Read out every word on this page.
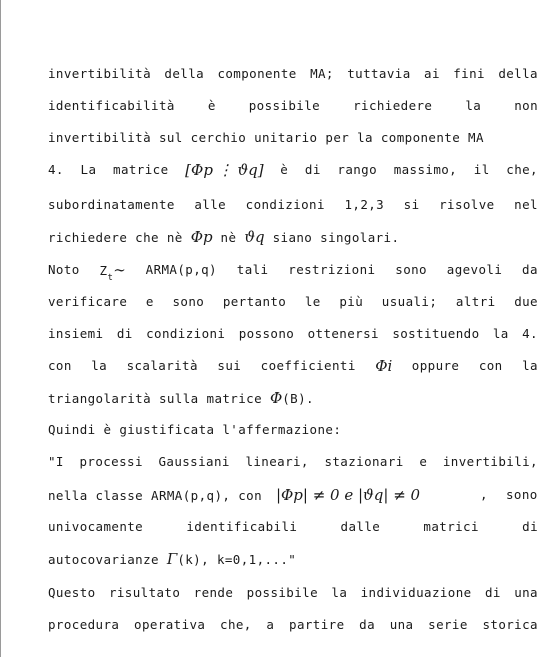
invertibilità della componente MA; tuttavia ai fini della
identificabilità	è	possibile	richiedere	la	non
invertibilità sul cerchio unitario per la componente MA
4. La matrice [Φp ⋮ ϑq] è di rango massimo, il che,
subordinatamente alle condizioni 1,2,3 si risolve nel
richiedere che nè Φp nè ϑq siano singolari.
Noto $Z_t\sim$ ARMA(p,q) tali restrizioni sono agevoli da
verificare e sono pertanto le più usuali; altri due
insiemi di condizioni possono ottenersi sostituendo la 4.
con la scalarità sui coefficienti Φi oppure con la
triangolarità sulla matrice Φ(B).
Quindi è giustificata l'affermazione:
"I processi Gaussiani lineari, stazionari e invertibili,
nella classe ARMA(p,q), con |Φp| ≠ 0 e |ϑq| ≠ 0	, sono
univocamente	identificabili	dalle	matrici	di
autocovarianze Γ(k), k=0,1,..."
Questo risultato rende possibile la individuazione di una
procedura operativa che, a partire da una serie storica
